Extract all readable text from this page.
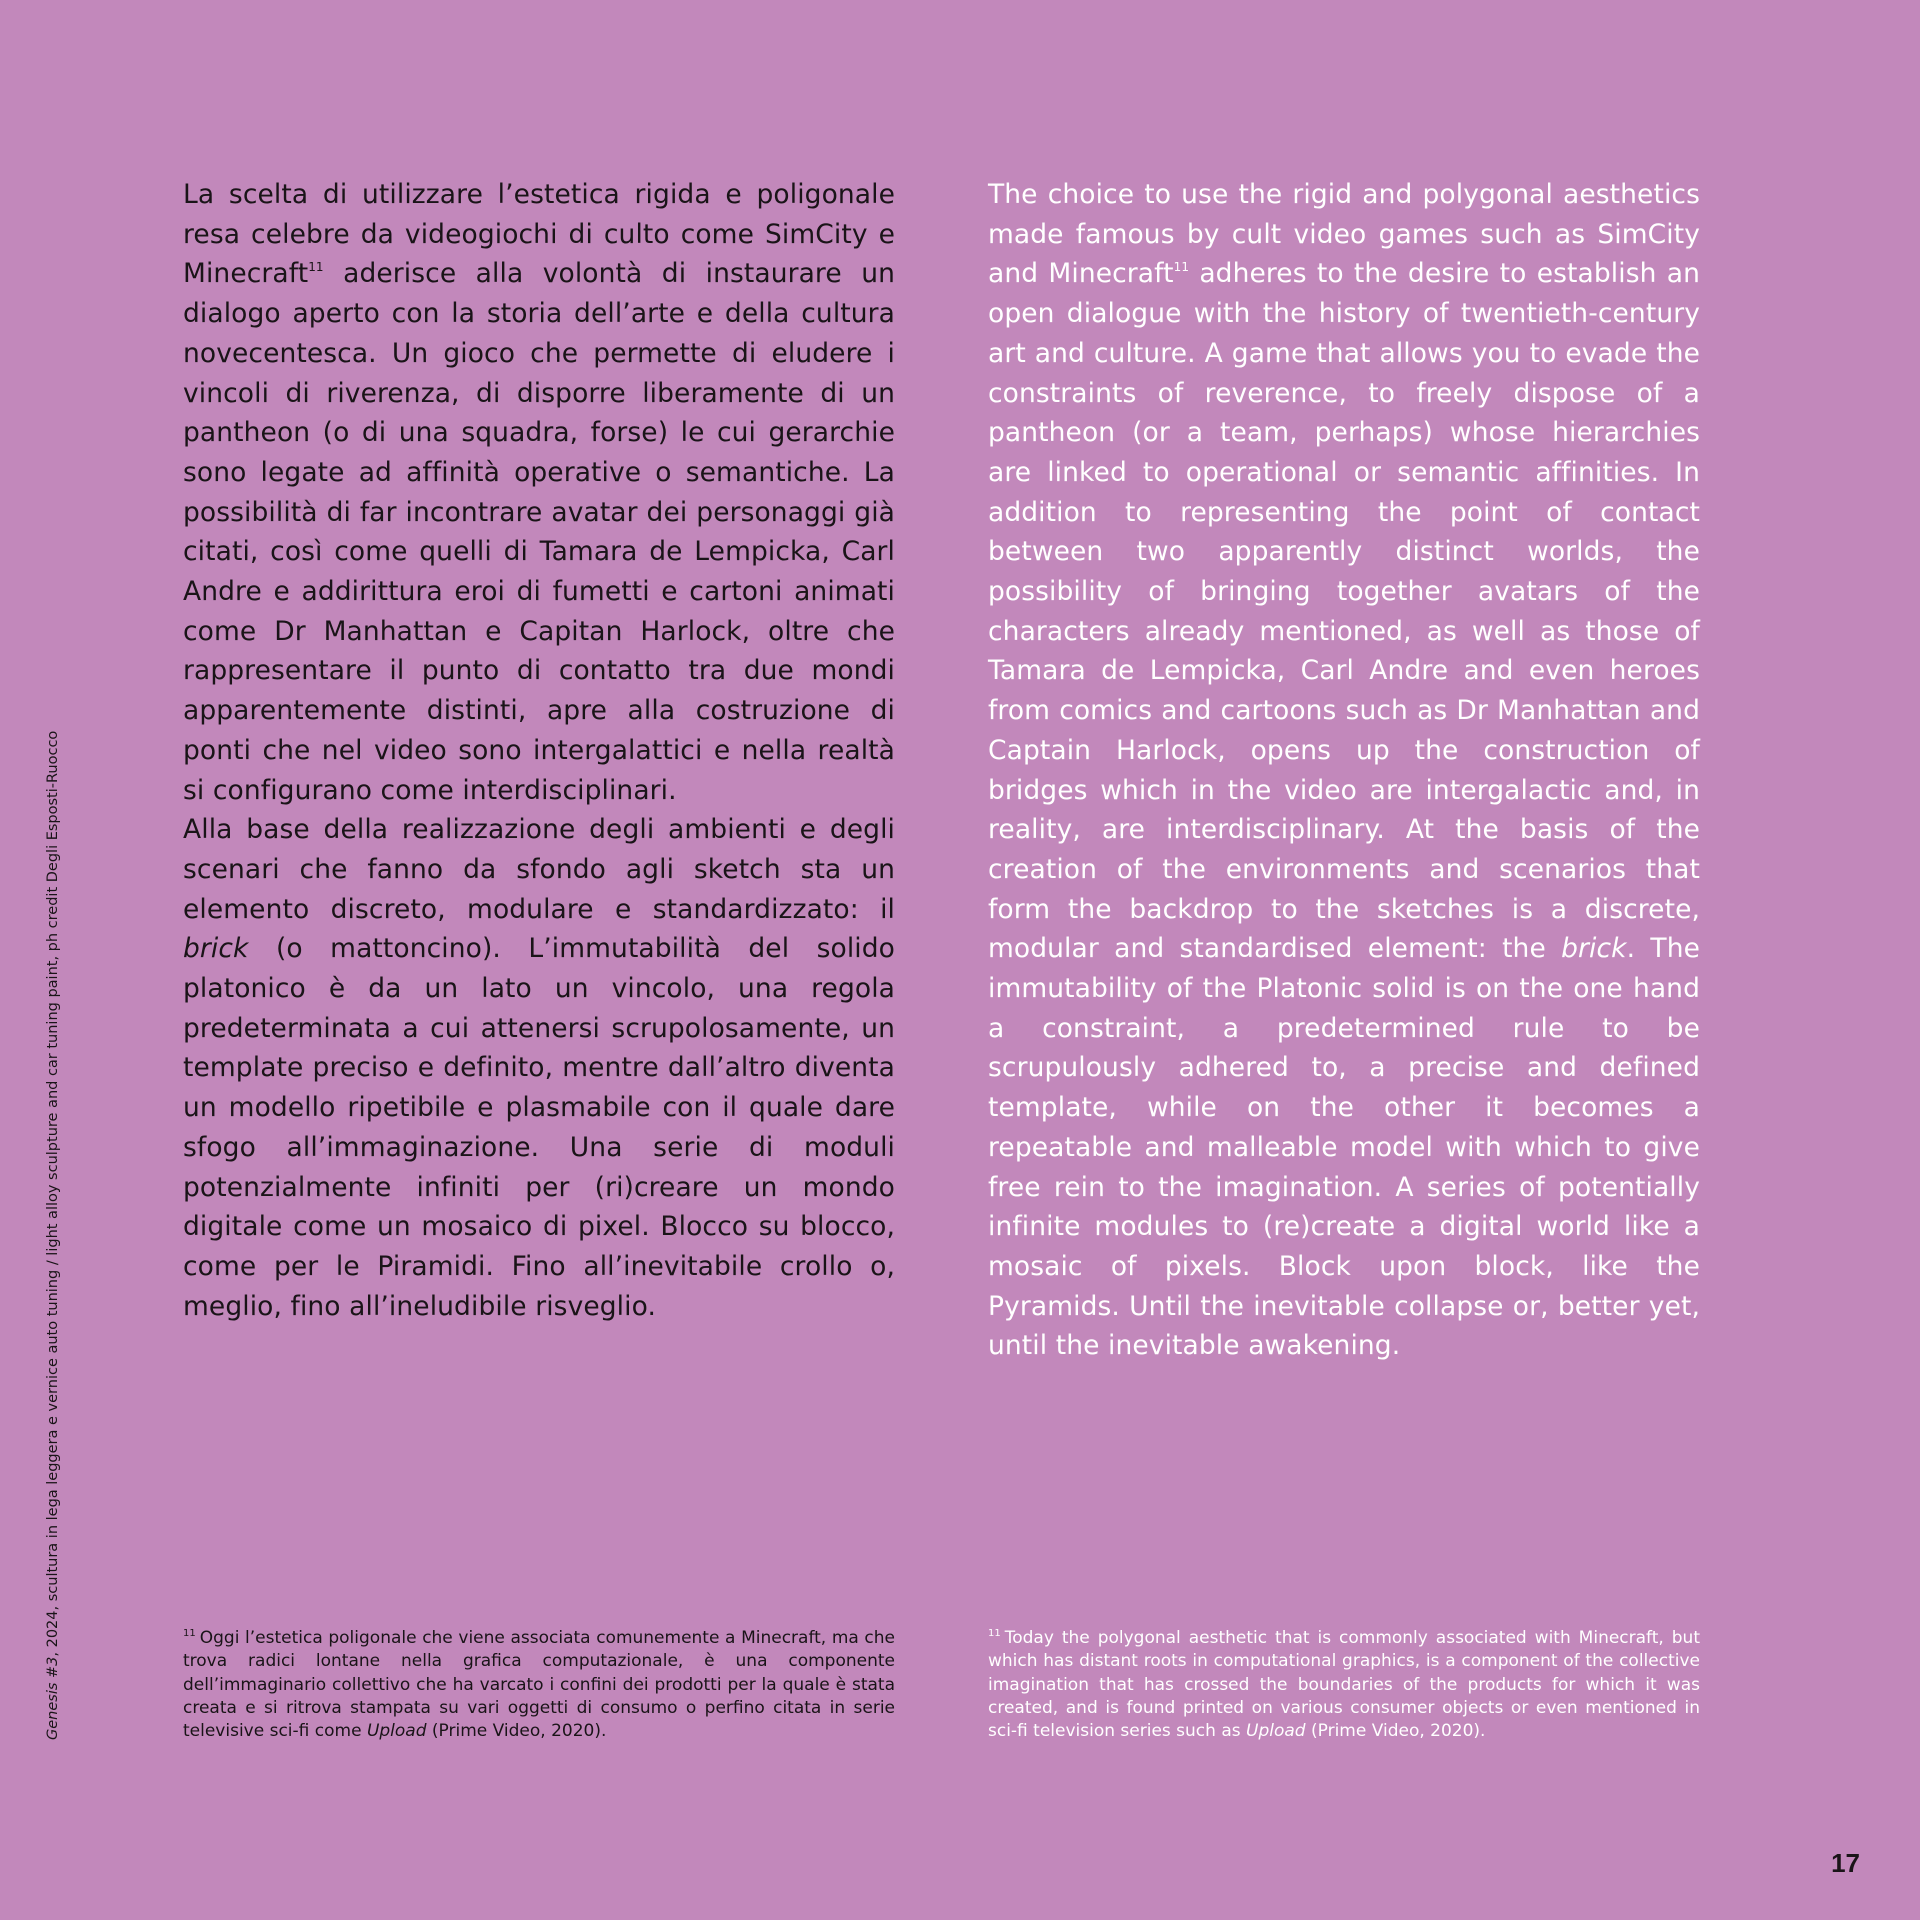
La scelta di utilizzare l’estetica rigida e poligonale resa celebre da videogiochi di culto come SimCity e Minecraft$^{11}$ aderisce alla volontà di instaurare un dialogo aperto con la storia dell’arte e della cultura novecentesca. Un gioco che permette di eludere i vincoli di riverenza, di disporre liberamente di un pantheon (o di una squadra, forse) le cui gerarchie sono legate ad affinità operative o semantiche. La possibilità di far incontrare avatar dei personaggi già citati, così come quelli di Tamara de Lempicka, Carl Andre e addirittura eroi di fumetti e cartoni animati come Dr Manhattan e Capitan Harlock, oltre che rappresentare il punto di contatto tra due mondi apparentemente distinti, apre alla costruzione di ponti che nel video sono intergalattici e nella realtà si configurano come interdisciplinari.

Alla base della realizzazione degli ambienti e degli scenari che fanno da sfondo agli sketch sta un elemento discreto, modulare e standardizzato: il brick (o mattoncino). L’immutabilità del solido platonico è da un lato un vincolo, una regola predeterminata a cui attenersi scrupolosamente, un template preciso e definito, mentre dall’altro diventa un modello ripetibile e plasmabile con il quale dare sfogo all’immaginazione. Una serie di moduli potenzialmente infiniti per (ri)creare un mondo digitale come un mosaico di pixel. Blocco su blocco, come per le Piramidi. Fino all’inevitabile crollo o, meglio, fino all’ineludibile risveglio.

The choice to use the rigid and polygonal aesthetics made famous by cult video games such as SimCity and Minecraft$^{11}$ adheres to the desire to establish an open dialogue with the history of twentieth-century art and culture. A game that allows you to evade the constraints of reverence, to freely dispose of a pantheon (or a team, perhaps) whose hierarchies are linked to operational or semantic affinities. In addition to representing the point of contact between two apparently distinct worlds, the possibility of bringing together avatars of the characters already mentioned, as well as those of Tamara de Lempicka, Carl Andre and even heroes from comics and cartoons such as Dr Manhattan and Captain Harlock, opens up the construction of bridges which in the video are intergalactic and, in reality, are interdisciplinary. At the basis of the creation of the environments and scenarios that form the backdrop to the sketches is a discrete, modular and standardised element: the brick. The immutability of the Platonic solid is on the one hand a constraint, a predetermined rule to be scrupulously adhered to, a precise and defined template, while on the other it becomes a repeatable and malleable model with which to give free rein to the imagination. A series of potentially infinite modules to (re)create a digital world like a mosaic of pixels. Block upon block, like the Pyramids. Until the inevitable collapse or, better yet, until the inevitable awakening.

$^{11}$ Oggi l’estetica poligonale che viene associata comunemente a Minecraft, ma che trova radici lontane nella grafica computazionale, è una componente dell’immaginario collettivo che ha varcato i confini dei prodotti per la quale è stata creata e si ritrova stampata su vari oggetti di consumo o perfino citata in serie televisive sci-fi come Upload (Prime Video, 2020).

$^{11}$ Today the polygonal aesthetic that is commonly associated with Minecraft, but which has distant roots in computational graphics, is a component of the collective imagination that has crossed the boundaries of the products for which it was created, and is found printed on various consumer objects or even mentioned in sci-fi television series such as Upload (Prime Video, 2020).

Genesis #3, 2024, scultura in lega leggera e vernice auto tuning / light alloy sculpture and car tuning paint, ph credit Degli Esposti-Ruocco
17
